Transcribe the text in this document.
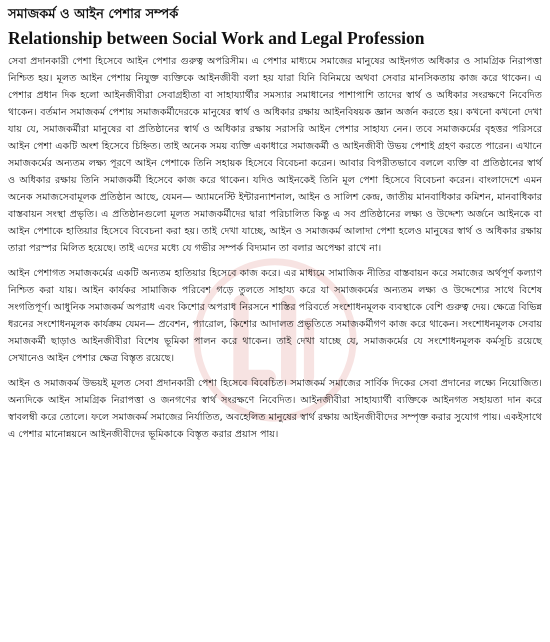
সমাজকর্ম ও আইন পেশার সম্পর্ক
Relationship between Social Work and Legal Profession

সেবা প্রদানকারী পেশা হিসেবে আইন পেশার গুরুত্ব অপরিসীম। এ পেশার মাধ্যমে সমাজের মানুষের আইনগত অধিকার ও সামগ্রিক নিরাপত্তা নিশ্চিত হয়। মূলত আইন পেশায় নিযুক্ত ব্যক্তিকে আইনজীবী বলা হয় যারা যিনি বিনিময়ে অথবা সেবার মানসিকতায় কাজ করে থাকেন। এ পেশার প্রধান দিক হলো আইনজীবীরা সেবাগ্রহীতা বা সাহায্যার্থীর সমস্যার সমাধানের পাশাপাশি তাদের স্বার্থ ও অধিকার সংরক্ষণে নিবেদিত থাকেন। বর্তমান সমাজকর্ম পেশায় সমাজকর্মীদেরকে মানুষের স্বার্থ ও অধিকার রক্ষায় আইনবিষয়ক জ্ঞান অর্জন করতে হয়। কখনো কখনো দেখা যায় যে, সমাজকর্মীরা মানুষের বা প্রতিষ্ঠানের স্বার্থ ও অধিকার রক্ষায় সরাসরি আইন পেশার সাহায্য নেন। তবে সমাজকর্মের বৃহত্তর পরিসরে আইন পেশা একটি অংশ হিসেবে চিহ্নিত। তাই অনেক সময় ব্যক্তি একাধারে সমাজকর্মী ও আইনজীবী উভয় পেশাই গ্রহণ করতে পারেন। এখানে সমাজকর্মের অন্যতম লক্ষ্য পূরণে আইন পেশাকে তিনি সহায়ক হিসেবে বিবেচনা করেন। আবার বিপরীতভাবে বললে ব্যক্তি বা প্রতিষ্ঠানের স্বার্থ ও অধিকার রক্ষায় তিনি সমাজকর্মী হিসেবে কাজ করে থাকেন। যদিও আইনকেই তিনি মূল পেশা হিসেবে বিবেচনা করেন। বাংলাদেশে এমন অনেক সমাজসেবামূলক প্রতিষ্ঠান আছে, যেমন— অ্যামনেস্টি ইন্টারন্যাশনাল, আইন ও সালিশ কেন্দ্র, জাতীয় মানবাধিকার কমিশন, মানবাধিকার বাস্তবায়ন সংস্থা প্রভৃতি। এ প্রতিষ্ঠানগুলো মূলত সমাজকর্মীদের দ্বারা পরিচালিত কিন্তু এ সব প্রতিষ্ঠানের লক্ষ্য ও উদ্দেশ্য অর্জনে আইনকে বা আইন পেশাকে হাতিয়ার হিসেবে বিবেচনা করা হয়। তাই দেখা যাচ্ছে, আইন ও সমাজকর্ম আলাদা পেশা হলেও মানুষের স্বার্থ ও অধিকার রক্ষায় তারা পরস্পর মিলিত হয়েছে। তাই এদের মধ্যে যে গভীর সম্পর্ক বিদ্যমান তা বলার অপেক্ষা রাখে না।

আইন পেশাগত সমাজকর্মের একটি অন্যতম হাতিয়ার হিসেবে কাজ করে। এর মাধ্যমে সামাজিক নীতির বাস্তবায়ন করে সমাজের অর্থপূর্ণ কল্যাণ নিশ্চিত করা যায়। আইন কার্যকর সামাজিক পরিবেশ গড়ে তুলতে সাহায্য করে যা সমাজকর্মের অন্যতম লক্ষ্য ও উদ্দেশ্যের সাথে বিশেষ সংগতিপূর্ণ। আধুনিক সমাজকর্ম অপরাধ এবং কিশোর অপরাধ নিরসনে শাস্তির পরিবর্তে সংশোধনমূলক ব্যবস্থাকে বেশি গুরুত্ব দেয়। ক্ষেত্রে বিভিন্ন ধরনের সংশোধনমূলক কার্যক্রম যেমন— প্রবেশন, প্যারোল, কিশোর আদালত প্রভৃতিতে সমাজকর্মীগণ কাজ করে থাকেন। সংশোধনমূলক সেবায় সমাজকর্মী ছাড়াও আইনজীবীরা বিশেষ ভূমিকা পালন করে থাকেন। তাই দেখা যাচ্ছে যে, সমাজকর্মের যে সংশোধনমূলক কর্মসূচি রয়েছে সেখানেও আইন পেশার ক্ষেত্র বিস্তৃত রয়েছে।

আইন ও সমাজকর্ম উভয়ই মূলত সেবা প্রদানকারী পেশা হিসেবে বিবেচিত। সমাজকর্ম সমাজের সার্বিক দিকের সেবা প্রদানের লক্ষ্যে নিয়োজিত। অন্যদিকে আইন সামগ্রিক নিরাপত্তা ও জনগণের স্বার্থ সংরক্ষণে নিবেদিত। আইনজীবীরা সাহায্যার্থী ব্যক্তিকে আইনগত সহায়তা দান করে স্বাবলম্বী করে তোলে। ফলে সমাজকর্ম সমাজের নির্যাতিত, অবহেলিত মানুষের স্বার্থ রক্ষায় আইনজীবীদের সম্পৃক্ত করার সুযোগ পায়। একইসাথে এ পেশার মানোন্নয়নে আইনজীবীদের ভূমিকাকে বিস্তৃত করার প্রয়াস পায়।
